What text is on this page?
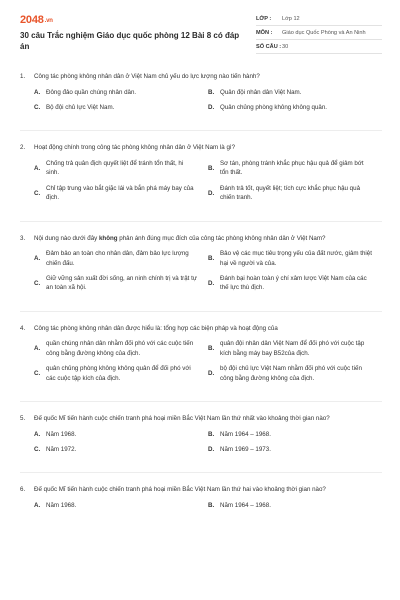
2048.vn
30 câu Trắc nghiệm Giáo dục quốc phòng 12 Bài 8 có đáp án
LỚP :	Lớp 12
MÔN :	Giáo dục Quốc Phòng và An Ninh
SỐ CÂU : 30
1.	Công tác phòng không nhân dân ở Việt Nam chủ yếu do lực lượng nào tiến hành?
A. Đông đảo quần chúng nhân dân.	B. Quân đội nhân dân Việt Nam.
C. Bộ đội chủ lực Việt Nam.	D. Quân chủng phòng không không quân.
2.	Hoạt động chính trong công tác phòng không nhân dân ở Việt Nam là gì?
A.
Chống trả quân địch quyết liệt để tránh tổn thất, hi sinh.
B.
Sơ tán, phòng tránh khắc phục hậu quả để giảm bớt tổn thất.
C.
Chỉ tập trung vào bắt giặc lái và bắn phá máy bay của địch.
D.
Đánh trả tốt, quyết liệt; tích cực khắc phục hậu quả chiến tranh.
3.	Nội dung nào dưới đây không phản ánh đúng mục đích của công tác phòng không nhân dân ở Việt Nam?
A.
Đảm bảo an toàn cho nhân dân, đảm bảo lực lượng chiến đấu.
B.
Bảo vệ các mục tiêu trọng yếu của đất nước, giảm thiệt hại về người và của.
C.
Giữ vững sản xuất đời sống, an ninh chính trị và trật tự an toàn xã hội.
D.
Đánh bại hoàn toàn ý chí xâm lược Việt Nam của các thế lực thù địch.
4.	Công tác phòng không nhân dân được hiểu là: tổng hợp các biện pháp và hoạt động của
A.
quần chúng nhân dân nhằm đối phó với các cuộc tiến công bằng đường không của địch.
B.
quân đội nhân dân Việt Nam để đối phó với cuộc tập kích bằng máy bay B52của địch.
C.
quân chủng phòng không không quân để đối phó với các cuộc tập kích của địch.
D.
bộ đội chủ lực Việt Nam nhằm đối phó với cuộc tiến công bằng đường không của địch.
5.	Đế quốc Mĩ tiến hành cuộc chiến tranh phá hoại miền Bắc Việt Nam lần thứ nhất vào khoảng thời gian nào?
A. Năm 1968.	B. Năm 1964 – 1968.
C. Năm 1972.	D. Năm 1969 – 1973.
6.	Đế quốc Mĩ tiến hành cuộc chiến tranh phá hoại miền Bắc Việt Nam lần thứ hai vào khoảng thời gian nào?
A. Năm 1968.	B. Năm 1964 – 1968.
